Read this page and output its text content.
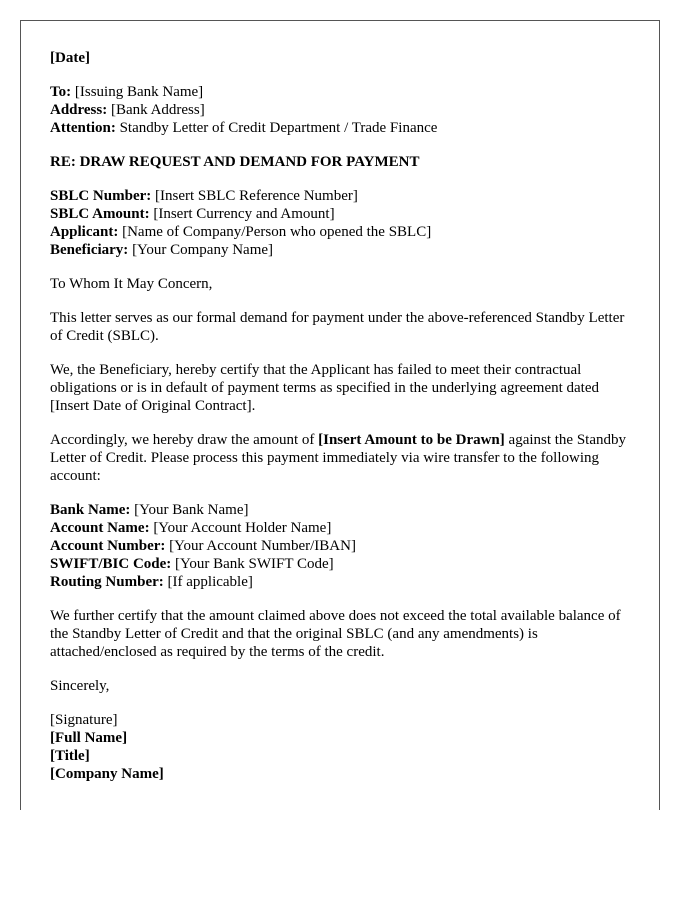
[Date]

To: [Issuing Bank Name]
Address: [Bank Address]
Attention: Standby Letter of Credit Department / Trade Finance

RE: DRAW REQUEST AND DEMAND FOR PAYMENT

SBLC Number: [Insert SBLC Reference Number]
SBLC Amount: [Insert Currency and Amount]
Applicant: [Name of Company/Person who opened the SBLC]
Beneficiary: [Your Company Name]

To Whom It May Concern,

This letter serves as our formal demand for payment under the above-referenced Standby Letter of Credit (SBLC).

We, the Beneficiary, hereby certify that the Applicant has failed to meet their contractual obligations or is in default of payment terms as specified in the underlying agreement dated [Insert Date of Original Contract].

Accordingly, we hereby draw the amount of [Insert Amount to be Drawn] against the Standby Letter of Credit. Please process this payment immediately via wire transfer to the following account:

Bank Name: [Your Bank Name]
Account Name: [Your Account Holder Name]
Account Number: [Your Account Number/IBAN]
SWIFT/BIC Code: [Your Bank SWIFT Code]
Routing Number: [If applicable]

We further certify that the amount claimed above does not exceed the total available balance of the Standby Letter of Credit and that the original SBLC (and any amendments) is attached/enclosed as required by the terms of the credit.

Sincerely,

[Signature]
[Full Name]
[Title]
[Company Name]
